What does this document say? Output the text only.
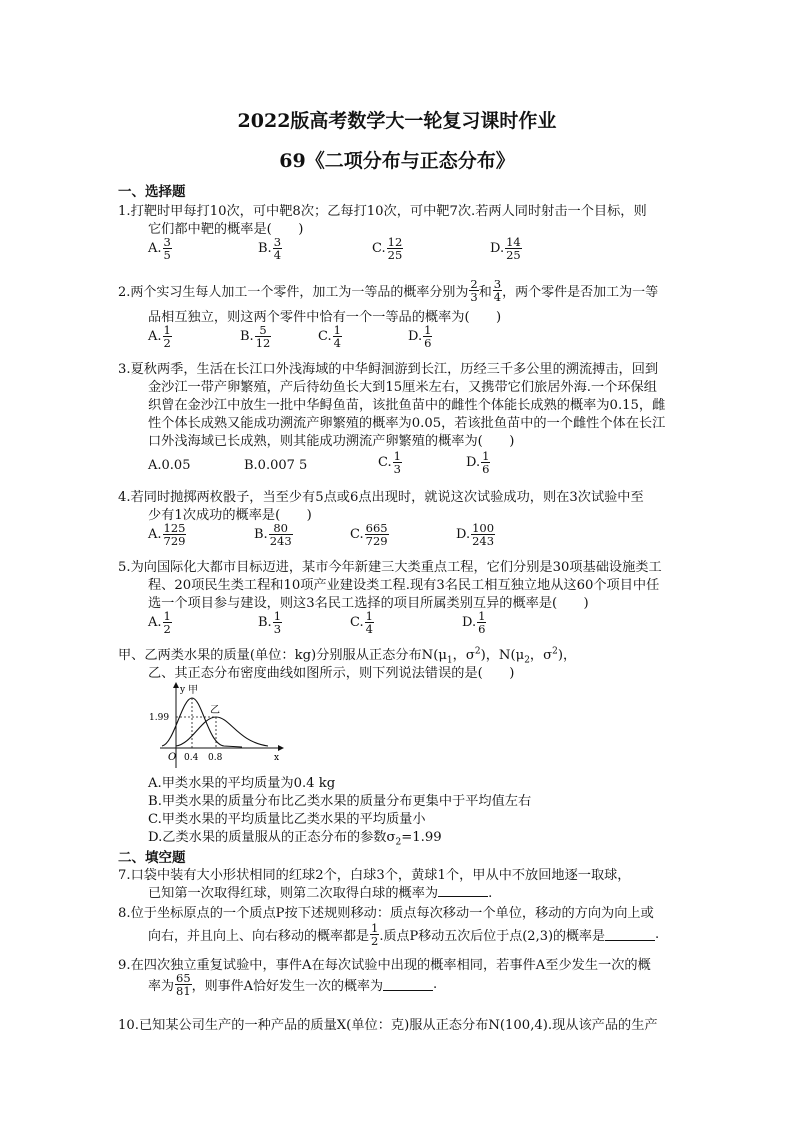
2022版高考数学大一轮复习课时作业
69《二项分布与正态分布》
一、选择题
1.打靶时甲每打10次，可中靶8次；乙每打10次，可中靶7次.若两人同时射击一个目标，则
它们都中靶的概率是(　　)
A. $\frac{3}{5}$	B. $\frac{3}{4}$	C. $\frac{12}{25}$	D. $\frac{14}{25}$
2.两个实习生每人加工一个零件，加工为一等品的概率分别为 $\frac{2}{3}$ 和 $\frac{3}{4}$ ，两个零件是否加工为一等
品相互独立，则这两个零件中恰有一个一等品的概率为(　　)
A. $\frac{1}{2}$	B. $\frac{5}{12}$	C. $\frac{1}{4}$	D. $\frac{1}{6}$
3.夏秋两季，生活在长江口外浅海域的中华鲟洄游到长江，历经三千多公里的溯流搏击，回到
金沙江一带产卵繁殖，产后待幼鱼长大到15厘米左右，又携带它们旅居外海.一个环保组
织曾在金沙江中放生一批中华鲟鱼苗，该批鱼苗中的雌性个体能长成熟的概率为0.15，雌
性个体长成熟又能成功溯流产卵繁殖的概率为0.05，若该批鱼苗中的一个雌性个体在长江
口外浅海域已长成熟，则其能成功溯流产卵繁殖的概率为(　　)
A.0.05	B.0.007 5	C. $\frac{1}{3}$	D. $\frac{1}{6}$
4.若同时抛掷两枚骰子，当至少有5点或6点出现时，就说这次试验成功，则在3次试验中至
少有1次成功的概率是(　　)
A. $\frac{125}{729}$	B. $\frac{80}{243}$	C. $\frac{665}{729}$	D. $\frac{100}{243}$
5.为向国际化大都市目标迈进，某市今年新建三大类重点工程，它们分别是30项基础设施类工
程、20项民生类工程和10项产业建设类工程.现有3名民工相互独立地从这60个项目中任
选一个项目参与建设，则这3名民工选择的项目所属类别互异的概率是(　　)
A. $\frac{1}{2}$	B. $\frac{1}{3}$	C. $\frac{1}{4}$	D. $\frac{1}{6}$
甲、乙两类水果的质量(单位：kg)分别服从正态分布$N(\mu_1$，$\sigma^2$)，$N(\mu_2$，$\sigma^2$)，
乙、其正态分布密度曲线如图所示，则下列说法错误的是(　　)
y 甲
乙
1.99
O 0.4 0.8	x
A.甲类水果的平均质量为0.4 kg
B.甲类水果的质量分布比乙类水果的质量分布更集中于平均值左右
C.甲类水果的平均质量比乙类水果的平均质量小
D.乙类水果的质量服从的正态分布的参数$\sigma_2=1.99$
二、填空题
7.口袋中装有大小形状相同的红球2个，白球3个，黄球1个，甲从中不放回地逐一取球，
已知第一次取得红球，则第二次取得白球的概率为	.
8.位于坐标原点的一个质点P按下述规则移动：质点每次移动一个单位，移动的方向为向上或
向右，并且向上、向右移动的概率都是 $\frac{1}{2}$ .质点P移动五次后位于点(2,3)的概率是	.
9.在四次独立重复试验中，事件A在每次试验中出现的概率相同，若事件A至少发生一次的概
率为 $\frac{65}{81}$ ，则事件A恰好发生一次的概率为	.
10.已知某公司生产的一种产品的质量X(单位：克)服从正态分布N(100,4).现从该产品的生产
